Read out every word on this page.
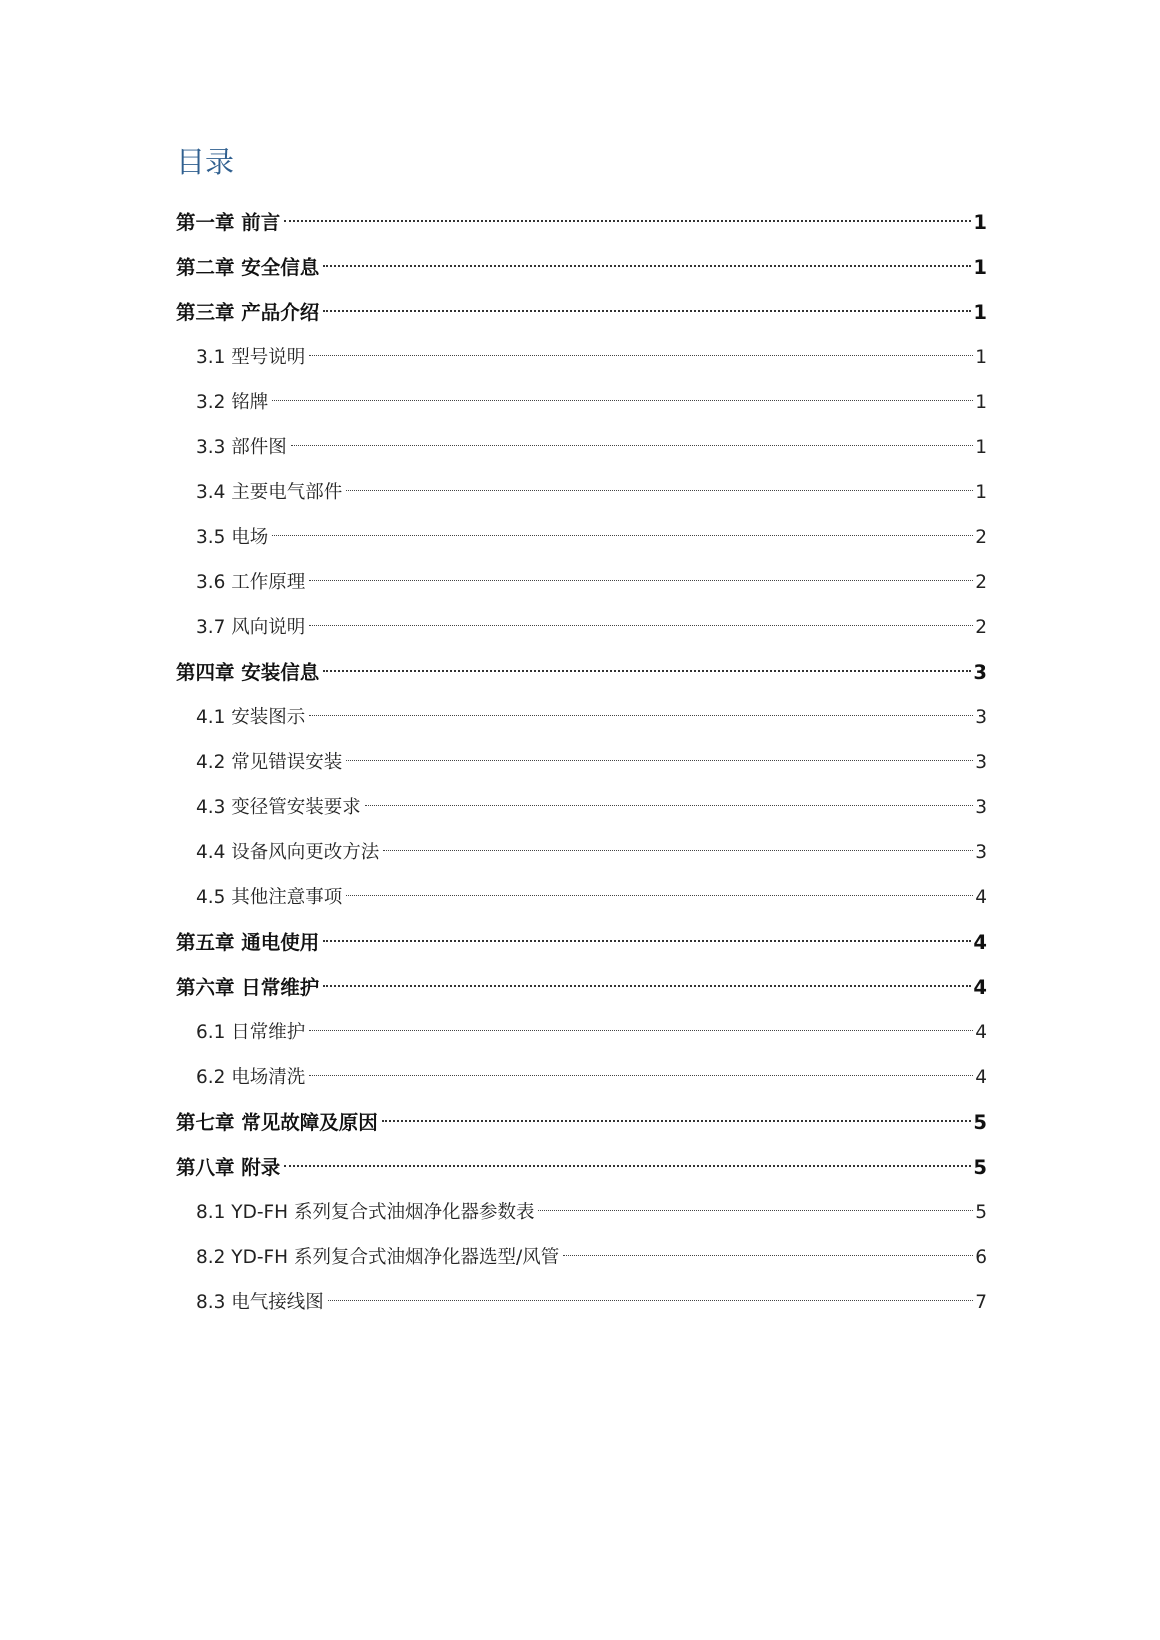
目录
第一章 前言	1
第二章 安全信息	1
第三章 产品介绍	1
3.1 型号说明	1
3.2 铭牌	1
3.3 部件图	1
3.4 主要电气部件	1
3.5 电场	2
3.6 工作原理	2
3.7 风向说明	2
第四章 安装信息	3
4.1 安装图示	3
4.2 常见错误安装	3
4.3 变径管安装要求	3
4.4 设备风向更改方法	3
4.5 其他注意事项	4
第五章 通电使用	4
第六章 日常维护	4
6.1 日常维护	4
6.2 电场清洗	4
第七章 常见故障及原因	5
第八章 附录	5
8.1 YD-FH 系列复合式油烟净化器参数表	5
8.2 YD-FH 系列复合式油烟净化器选型/风管	6
8.3 电气接线图	7
